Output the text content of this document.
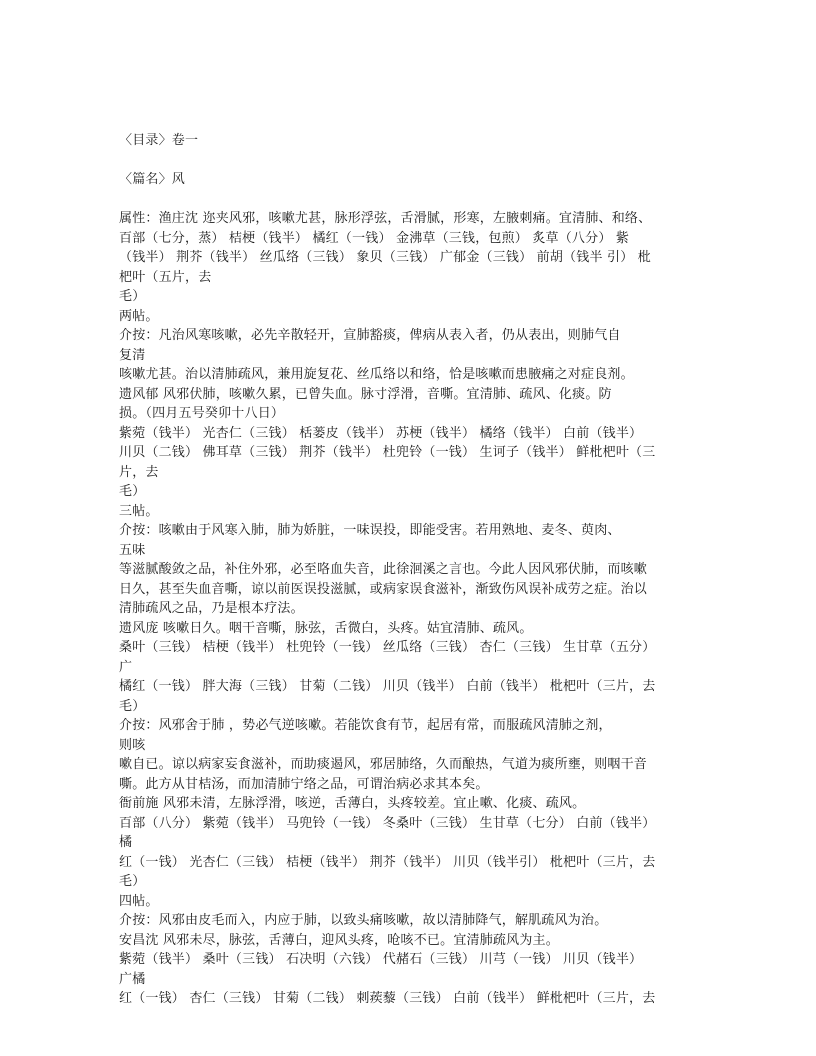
〈目录〉卷一

〈篇名〉风

属性：渔庄沈 迩夹风邪，咳嗽尤甚，脉形浮弦，舌滑腻，形寒，左腋刺痛。宜清肺、和络、

百部（七分，蒸） 桔梗（钱半） 橘红（一钱） 金沸草（三钱，包煎） 炙草（八分） 紫

（钱半） 荆芥（钱半） 丝瓜络（三钱） 象贝（三钱） 广郁金（三钱） 前胡（钱半 引） 枇

杷叶（五片，去

毛）

两帖。

介按：凡治风寒咳嗽，必先辛散轻开，宣肺豁痰，俾病从表入者，仍从表出，则肺气自

复清

咳嗽尤甚。治以清肺疏风，兼用旋复花、丝瓜络以和络，恰是咳嗽而患腋痛之对症良剂。

遗风郁 风邪伏肺，咳嗽久累，已曾失血。脉寸浮滑，音嘶。宜清肺、疏风、化痰。防

损。（四月五号癸卯十八日）

紫菀（钱半） 光杏仁（三钱） 栝蒌皮（钱半） 苏梗（钱半） 橘络（钱半） 白前（钱半）

川贝（二钱） 佛耳草（三钱） 荆芥（钱半） 杜兜铃（一钱） 生诃子（钱半） 鲜枇杷叶（三

片，去

毛）

三帖。

介按：咳嗽由于风寒入肺，肺为娇脏，一味误投，即能受害。若用熟地、麦冬、萸肉、

五味

等滋腻酸敛之品，补住外邪，必至咯血失音，此徐洄溪之言也。今此人因风邪伏肺，而咳嗽

日久，甚至失血音嘶，谅以前医误投滋腻，或病家误食滋补，渐致伤风误补成劳之症。治以

清肺疏风之品，乃是根本疗法。

遗风庞 咳嗽日久。咽干音嘶，脉弦，舌微白，头疼。姑宜清肺、疏风。

桑叶（三钱） 桔梗（钱半） 杜兜铃（一钱） 丝瓜络（三钱） 杏仁（三钱） 生甘草（五分）

广

橘红（一钱） 胖大海（三钱） 甘菊（二钱） 川贝（钱半） 白前（钱半） 枇杷叶（三片，去

毛）

介按：风邪舍于肺 ，势必气逆咳嗽。若能饮食有节，起居有常，而服疏风清肺之剂，

则咳

嗽自已。谅以病家妄食滋补，而助痰遏风，邪居肺络，久而酿热，气道为痰所壅，则咽干音

嘶。此方从甘桔汤，而加清肺宁络之品，可谓治病必求其本矣。

衙前施 风邪未清，左脉浮滑，咳逆，舌薄白，头疼较差。宜止嗽、化痰、疏风。

百部（八分） 紫菀（钱半） 马兜铃（一钱） 冬桑叶（三钱） 生甘草（七分） 白前（钱半）

橘

红（一钱） 光杏仁（三钱） 桔梗（钱半） 荆芥（钱半） 川贝（钱半引） 枇杷叶（三片，去

毛）

四帖。

介按：风邪由皮毛而入，内应于肺，以致头痛咳嗽，故以清肺降气，解肌疏风为治。

安昌沈 风邪未尽，脉弦，舌薄白，迎风头疼，呛咳不已。宜清肺疏风为主。

紫菀（钱半） 桑叶（三钱） 石决明（六钱） 代赭石（三钱） 川芎（一钱） 川贝（钱半）

广橘

红（一钱） 杏仁（三钱） 甘菊（二钱） 刺蒺藜（三钱） 白前（钱半） 鲜枇杷叶（三片，去
